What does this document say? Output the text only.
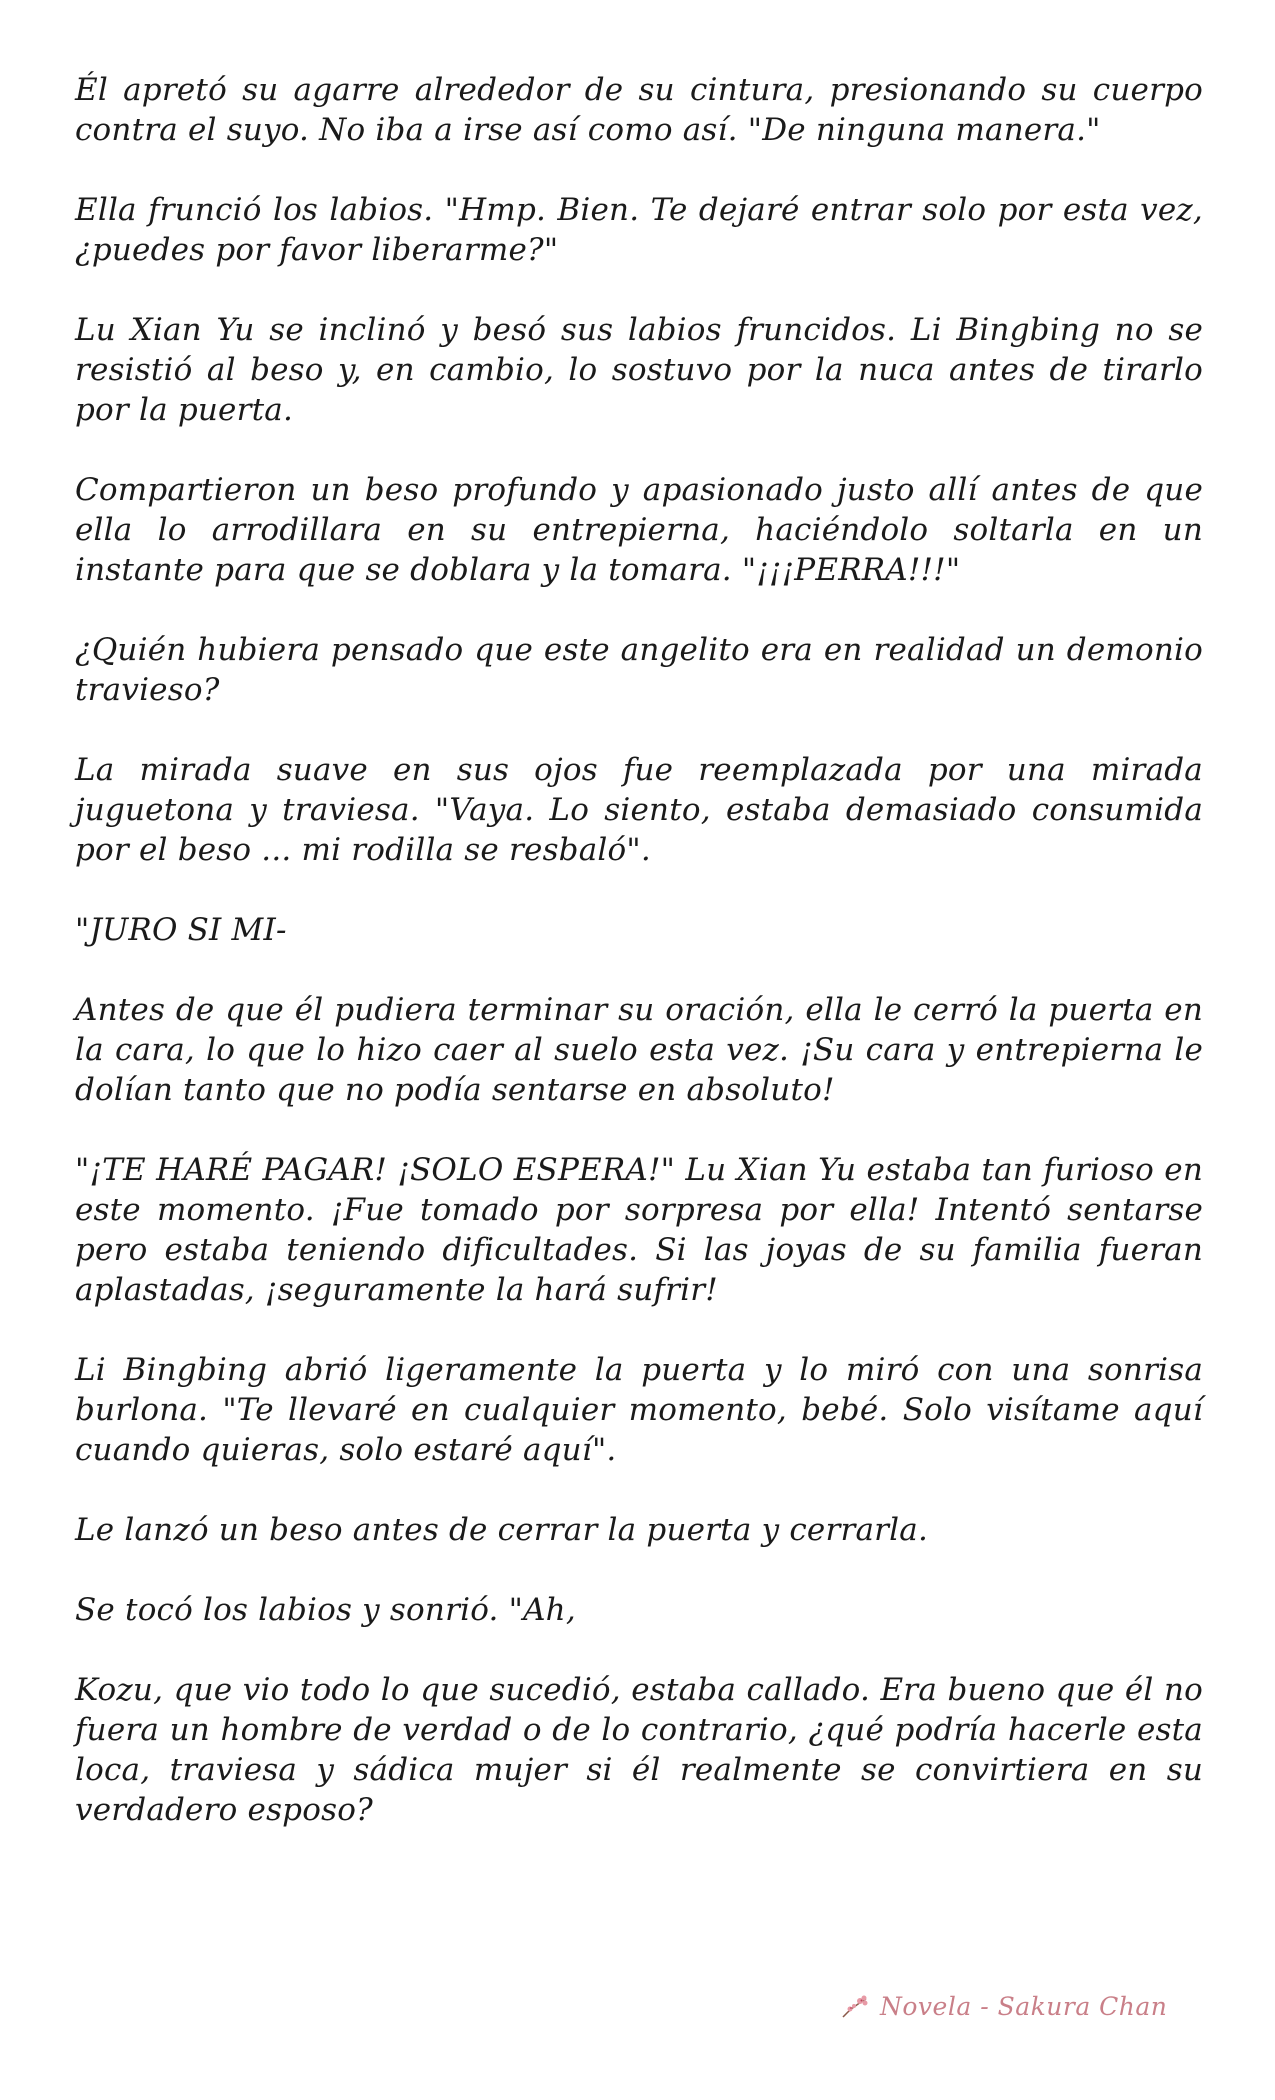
Él apretó su agarre alrededor de su cintura, presionando su cuerpo contra el suyo. No iba a irse así como así. "De ninguna manera."

Ella frunció los labios. "Hmp. Bien. Te dejaré entrar solo por esta vez, ¿puedes por favor liberarme?"

Lu Xian Yu se inclinó y besó sus labios fruncidos. Li Bingbing no se resistió al beso y, en cambio, lo sostuvo por la nuca antes de tirarlo por la puerta.

Compartieron un beso profundo y apasionado justo allí antes de que ella lo arrodillara en su entrepierna, haciéndolo soltarla en un instante para que se doblara y la tomara. "¡¡¡PERRA!!!"

¿Quién hubiera pensado que este angelito era en realidad un demonio travieso?

La mirada suave en sus ojos fue reemplazada por una mirada juguetona y traviesa. "Vaya. Lo siento, estaba demasiado consumida por el beso ... mi rodilla se resbaló".

"JURO SI MI-

Antes de que él pudiera terminar su oración, ella le cerró la puerta en la cara, lo que lo hizo caer al suelo esta vez. ¡Su cara y entrepierna le dolían tanto que no podía sentarse en absoluto!

"¡TE HARÉ PAGAR! ¡SOLO ESPERA!" Lu Xian Yu estaba tan furioso en este momento. ¡Fue tomado por sorpresa por ella! Intentó sentarse pero estaba teniendo dificultades. Si las joyas de su familia fueran aplastadas, ¡seguramente la hará sufrir!

Li Bingbing abrió ligeramente la puerta y lo miró con una sonrisa burlona. "Te llevaré en cualquier momento, bebé. Solo visítame aquí cuando quieras, solo estaré aquí".

Le lanzó un beso antes de cerrar la puerta y cerrarla.

Se tocó los labios y sonrió. "Ah,

Kozu, que vio todo lo que sucedió, estaba callado. Era bueno que él no fuera un hombre de verdad o de lo contrario, ¿qué podría hacerle esta loca, traviesa y sádica mujer si él realmente se convirtiera en su verdadero esposo?

Novela - Sakura Chan
